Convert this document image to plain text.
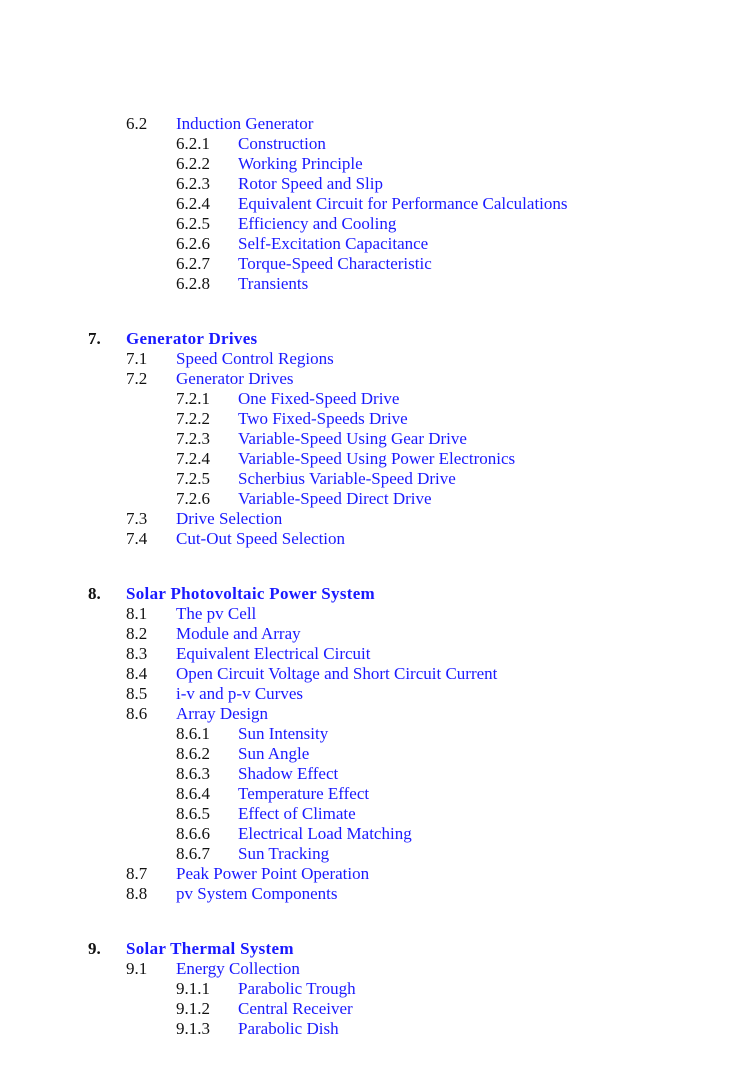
6.2 Induction Generator
6.2.1 Construction
6.2.2 Working Principle
6.2.3 Rotor Speed and Slip
6.2.4 Equivalent Circuit for Performance Calculations
6.2.5 Efficiency and Cooling
6.2.6 Self-Excitation Capacitance
6.2.7 Torque-Speed Characteristic
6.2.8 Transients
7. Generator Drives
7.1 Speed Control Regions
7.2 Generator Drives
7.2.1 One Fixed-Speed Drive
7.2.2 Two Fixed-Speeds Drive
7.2.3 Variable-Speed Using Gear Drive
7.2.4 Variable-Speed Using Power Electronics
7.2.5 Scherbius Variable-Speed Drive
7.2.6 Variable-Speed Direct Drive
7.3 Drive Selection
7.4 Cut-Out Speed Selection
8. Solar Photovoltaic Power System
8.1 The pv Cell
8.2 Module and Array
8.3 Equivalent Electrical Circuit
8.4 Open Circuit Voltage and Short Circuit Current
8.5 i-v and p-v Curves
8.6 Array Design
8.6.1 Sun Intensity
8.6.2 Sun Angle
8.6.3 Shadow Effect
8.6.4 Temperature Effect
8.6.5 Effect of Climate
8.6.6 Electrical Load Matching
8.6.7 Sun Tracking
8.7 Peak Power Point Operation
8.8 pv System Components
9. Solar Thermal System
9.1 Energy Collection
9.1.1 Parabolic Trough
9.1.2 Central Receiver
9.1.3 Parabolic Dish
